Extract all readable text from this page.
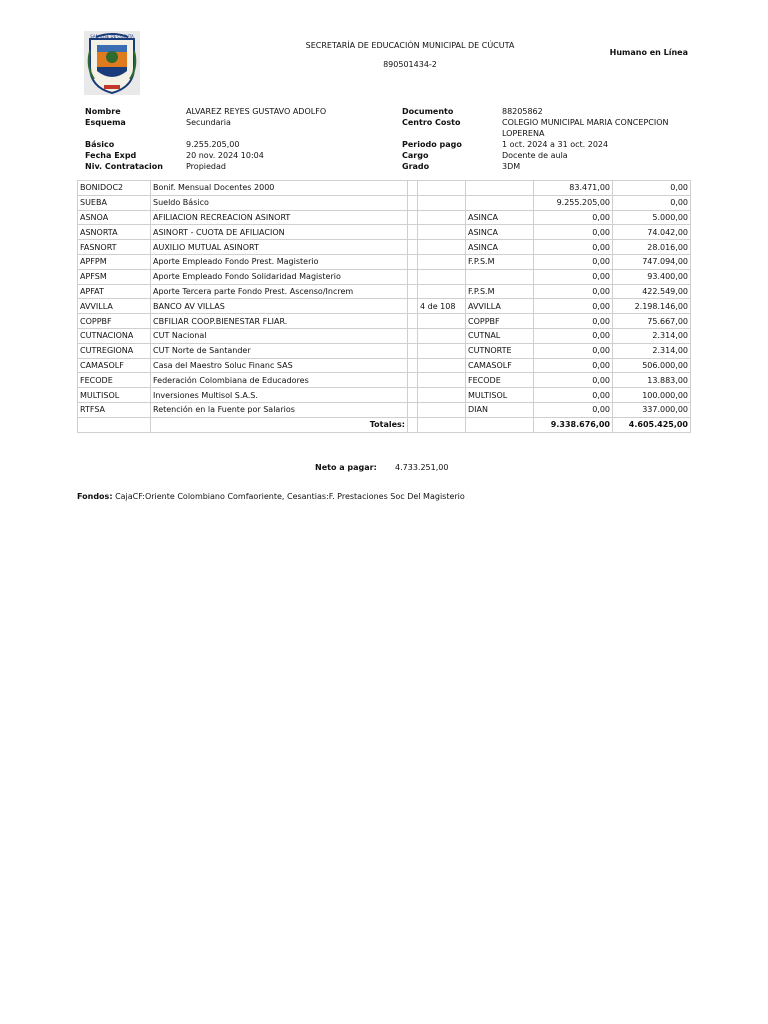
SAN JOSE DE CUCUTA
SECRETARÍA DE EDUCACIÓN MUNICIPAL DE CÚCUTA
890501434-2
Humano en Línea
Nombre	ALVAREZ REYES GUSTAVO ADOLFO	Documento	88205862
Esquema	Secundaria	Centro Costo	COLEGIO MUNICIPAL MARIA CONCEPCION LOPERENA
Básico	9.255.205,00	Periodo pago	1 oct. 2024 a 31 oct. 2024
Fecha Expd	20 nov. 2024 10:04	Cargo	Docente de aula
Niv. Contratacion	Propiedad	Grado	3DM
BONIDOC2	Bonif. Mensual Docentes 2000				83.471,00	0,00
SUEBA	Sueldo Básico				9.255.205,00	0,00
ASNOA	AFILIACION RECREACION ASINORT			ASINCA	0,00	5.000,00
ASNORTA	ASINORT - CUOTA DE AFILIACION			ASINCA	0,00	74.042,00
FASNORT	AUXILIO MUTUAL ASINORT			ASINCA	0,00	28.016,00
APFPM	Aporte Empleado Fondo Prest. Magisterio			F.P.S.M	0,00	747.094,00
APFSM	Aporte Empleado Fondo Solidaridad Magisterio				0,00	93.400,00
APFAT	Aporte Tercera parte Fondo Prest. Ascenso/Increm			F.P.S.M	0,00	422.549,00
AVVILLA	BANCO AV VILLAS		4 de 108	AVVILLA	0,00	2.198.146,00
COPPBF	CBFILIAR COOP.BIENESTAR FLIAR.			COPPBF	0,00	75.667,00
CUTNACIONA	CUT Nacional			CUTNAL	0,00	2.314,00
CUTREGIONA	CUT Norte de Santander			CUTNORTE	0,00	2.314,00
CAMASOLF	Casa del Maestro Soluc Financ SAS			CAMASOLF	0,00	506.000,00
FECODE	Federación Colombiana de Educadores			FECODE	0,00	13.883,00
MULTISOL	Inversiones Multisol S.A.S.			MULTISOL	0,00	100.000,00
RTFSA	Retención en la Fuente por Salarios			DIAN	0,00	337.000,00
	Totales:				9.338.676,00	4.605.425,00
Neto a pagar: 4.733.251,00
Fondos: CajaCF:Oriente Colombiano Comfaoriente, Cesantias:F. Prestaciones Soc Del Magisterio
